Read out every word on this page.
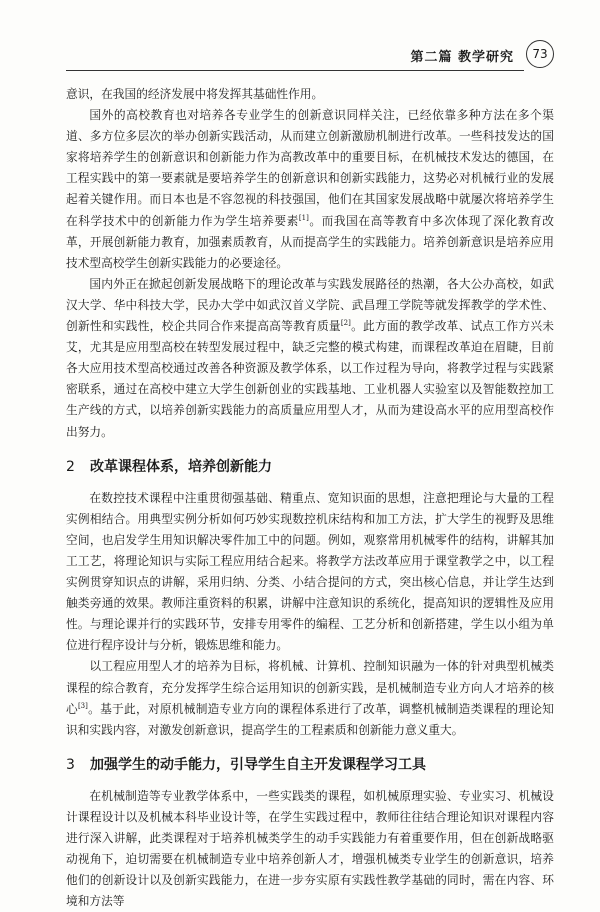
第二篇 教学研究	73

意识，在我国的经济发展中将发挥其基础性作用。

国外的高校教育也对培养各专业学生的创新意识同样关注，已经依靠多种方法在多个渠道、多方位多层次的举办创新实践活动，从而建立创新激励机制进行改革。一些科技发达的国家将培养学生的创新意识和创新能力作为高教改革中的重要目标，在机械技术发达的德国，在工程实践中的第一要素就是要培养学生的创新意识和创新实践能力，这势必对机械行业的发展起着关键作用。而日本也是不容忽视的科技强国，他们在其国家发展战略中就屡次将培养学生在科学技术中的创新能力作为学生培养要素[1]。而我国在高等教育中多次体现了深化教育改革，开展创新能力教育，加强素质教育，从而提高学生的实践能力。培养创新意识是培养应用技术型高校学生创新实践能力的必要途径。

国内外正在掀起创新发展战略下的理论改革与实践发展路径的热潮，各大公办高校，如武汉大学、华中科技大学，民办大学中如武汉首义学院、武昌理工学院等就发挥教学的学术性、创新性和实践性，校企共同合作来提高高等教育质量[2]。此方面的教学改革、试点工作方兴未艾，尤其是应用型高校在转型发展过程中，缺乏完整的模式构建，而课程改革迫在眉睫，目前各大应用技术型高校通过改善各种资源及教学体系，以工作过程为导向，将教学过程与实践紧密联系，通过在高校中建立大学生创新创业的实践基地、工业机器人实验室以及智能数控加工生产线的方式，以培养创新实践能力的高质量应用型人才，从而为建设高水平的应用型高校作出努力。

2 改革课程体系，培养创新能力

在数控技术课程中注重贯彻强基础、精重点、宽知识面的思想，注意把理论与大量的工程实例相结合。用典型实例分析如何巧妙实现数控机床结构和加工方法，扩大学生的视野及思维空间，也启发学生用知识解决零件加工中的问题。例如，观察常用机械零件的结构，讲解其加工工艺，将理论知识与实际工程应用结合起来。将教学方法改革应用于课堂教学之中，以工程实例贯穿知识点的讲解，采用归纳、分类、小结合提问的方式，突出核心信息，并让学生达到触类旁通的效果。教师注重资料的积累，讲解中注意知识的系统化，提高知识的逻辑性及应用性。与理论课并行的实践环节，安排专用零件的编程、工艺分析和创新搭建，学生以小组为单位进行程序设计与分析，锻炼思维和能力。

以工程应用型人才的培养为目标，将机械、计算机、控制知识融为一体的针对典型机械类课程的综合教育，充分发挥学生综合运用知识的创新实践，是机械制造专业方向人才培养的核心[3]。基于此，对原机械制造专业方向的课程体系进行了改革，调整机械制造类课程的理论知识和实践内容，对激发创新意识，提高学生的工程素质和创新能力意义重大。

3 加强学生的动手能力，引导学生自主开发课程学习工具

在机械制造等专业教学体系中，一些实践类的课程，如机械原理实验、专业实习、机械设计课程设计以及机械本科毕业设计等，在学生实践过程中，教师往往结合理论知识对课程内容进行深入讲解，此类课程对于培养机械类学生的动手实践能力有着重要作用，但在创新战略驱动视角下，迫切需要在机械制造专业中培养创新人才，增强机械类专业学生的创新意识，培养他们的创新设计以及创新实践能力，在进一步夯实原有实践性教学基础的同时，需在内容、环境和方法等
